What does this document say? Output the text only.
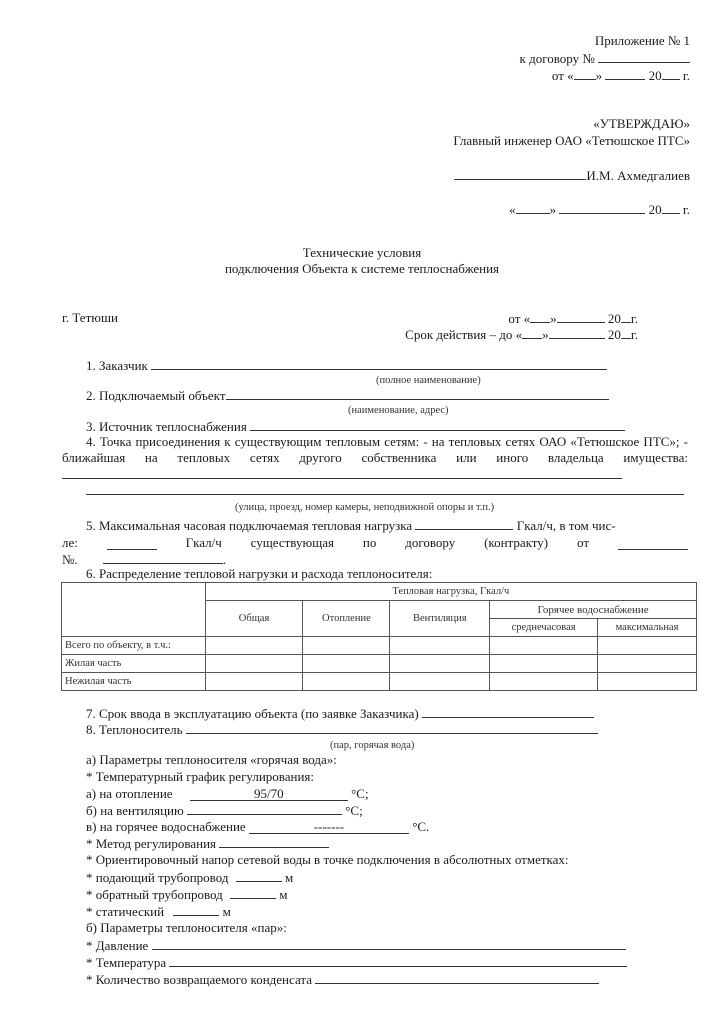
Приложение № 1
к договору №
от « »	20 г.
«УТВЕРЖДАЮ»
Главный инженер ОАО «Тетюшское ПТС»
И.М. Ахмедгалиев
«	»	20 г.
Технические условия
подключения Объекта к системе теплоснабжения
г. Тетюши	от « »	20 г.
Срок действия – до « »	20 г.
1. Заказчик
(полное наименование)
2. Подключаемый объект
(наименование, адрес)
3. Источник теплоснабжения
4. Точка присоединения к существующим тепловым сетям: - на тепловых сетях ОАО «Тетюшское ПТС»; - ближайшая на тепловых сетях другого собственника или иного владельца имущества:
(улица, проезд, номер камеры, неподвижной опоры и т.п.)
5. Максимальная часовая подключаемая тепловая нагрузка	Гкал/ч, в том чис-
ле:	Гкал/ч существующая по договору (контракту) от
№.	.
6. Распределение тепловой нагрузки и расхода теплоносителя:
	Тепловая нагрузка, Гкал/ч				
	Общая	Отопление	Вентиляция	Горячее водоснабжение	
				среднечасовая	максимальная
Всего по объекту, в т.ч.:					
Жилая часть					
Нежилая часть					
7. Срок ввода в эксплуатацию объекта (по заявке Заказчика)
8. Теплоноситель
(пар, горячая вода)
а) Параметры теплоносителя «горячая вода»:
* Температурный график регулирования:
а) на отопление	95/70	°С;
б) на вентиляцию	°С;
в) на горячее водоснабжение	-------	°С.
* Метод регулирования
* Ориентировочный напор сетевой воды в точке подключения в абсолютных отметках:
* подающий трубопровод	м
* обратный трубопровод	м
* статический	м
б) Параметры теплоносителя «пар»:
* Давление
* Температура
* Количество возвращаемого конденсата
